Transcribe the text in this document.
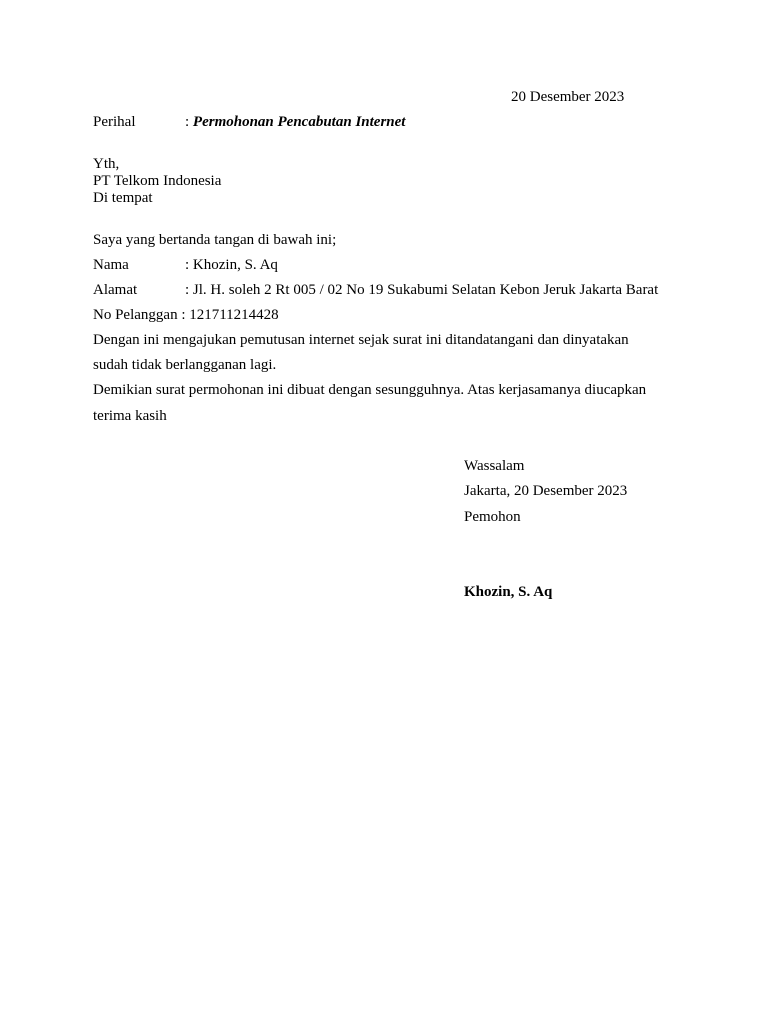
20 Desember 2023
Perihal	: Permohonan Pencabutan Internet
Yth,
PT Telkom Indonesia
Di tempat
Saya yang bertanda tangan di bawah ini;
Nama	: Khozin, S. Aq
Alamat	: Jl. H. soleh 2 Rt 005 / 02 No 19 Sukabumi Selatan Kebon Jeruk Jakarta Barat
No Pelanggan : 121711214428
Dengan ini mengajukan pemutusan internet sejak surat ini ditandatangani dan dinyatakan
sudah tidak berlangganan lagi.
Demikian surat permohonan ini dibuat dengan sesungguhnya. Atas kerjasamanya diucapkan
terima kasih
Wassalam
Jakarta, 20 Desember 2023
Pemohon
Khozin, S. Aq
